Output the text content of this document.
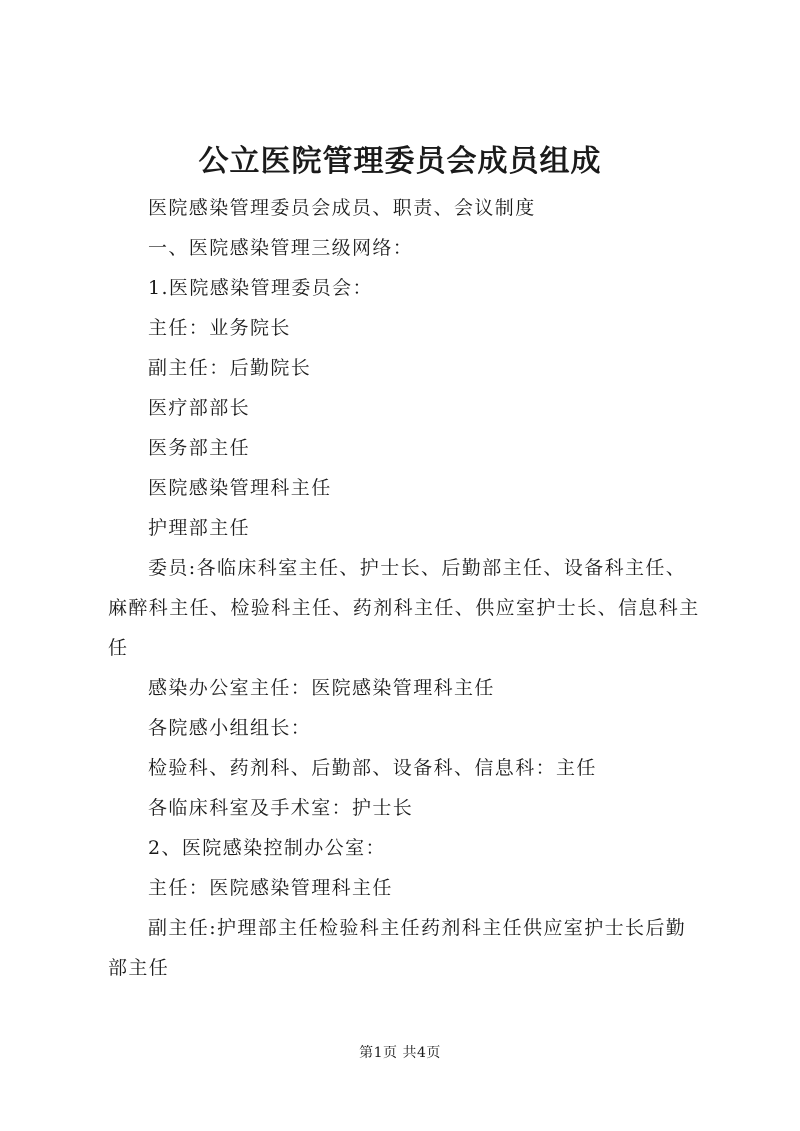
公立医院管理委员会成员组成

医院感染管理委员会成员、职责、会议制度

一、医院感染管理三级网络：

1.医院感染管理委员会：

主任：业务院长

副主任：后勤院长

医疗部部长

医务部主任

医院感染管理科主任

护理部主任

委员:各临床科室主任、护士长、后勤部主任、设备科主任、麻醉科主任、检验科主任、药剂科主任、供应室护士长、信息科主任

感染办公室主任：医院感染管理科主任

各院感小组组长：

检验科、药剂科、后勤部、设备科、信息科：主任

各临床科室及手术室：护士长

2、医院感染控制办公室：

主任：医院感染管理科主任

副主任:护理部主任检验科主任药剂科主任供应室护士长后勤部主任

第1页 共4页
